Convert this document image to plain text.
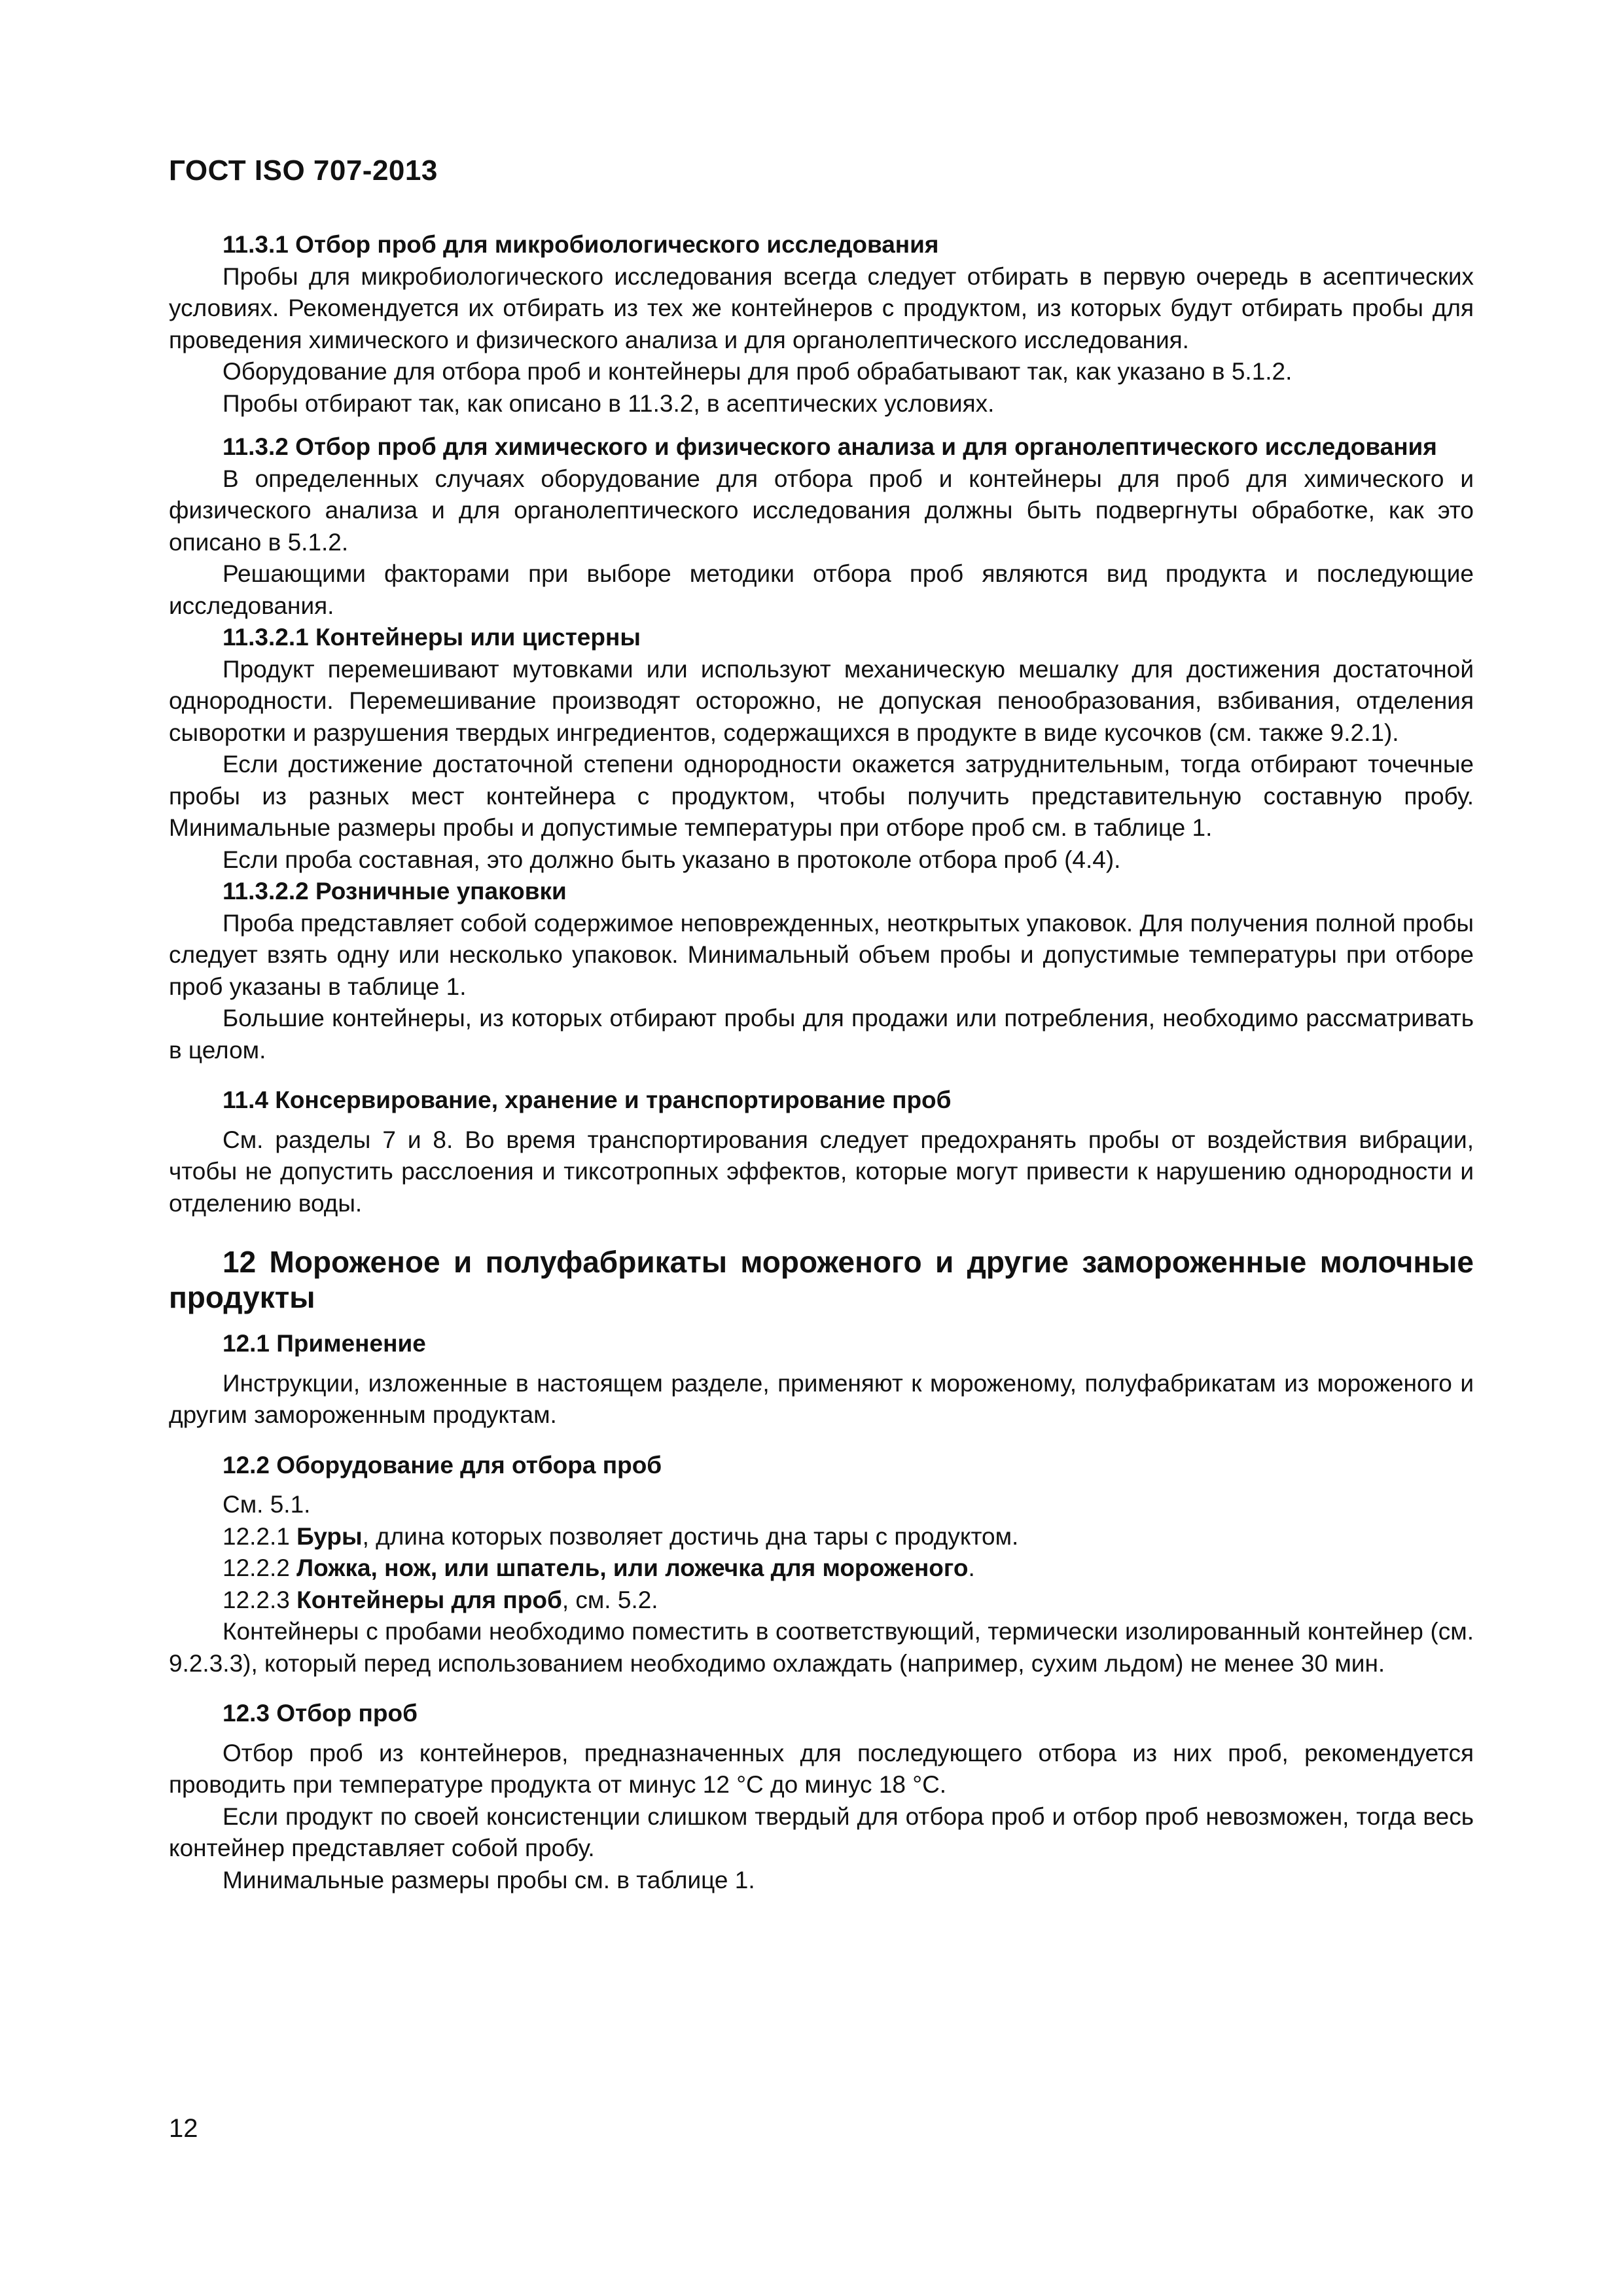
ГОСТ ISO 707-2013
11.3.1 Отбор проб для микробиологического исследования

Пробы для микробиологического исследования всегда следует отбирать в первую очередь в асептических условиях. Рекомендуется их отбирать из тех же контейнеров с продуктом, из которых будут отбирать пробы для проведения химического и физического анализа и для органолептического исследования.

Оборудование для отбора проб и контейнеры для проб обрабатывают так, как указано в 5.1.2.

Пробы отбирают так, как описано в 11.3.2, в асептических условиях.

11.3.2 Отбор проб для химического и физического анализа и для органолептического исследования

В определенных случаях оборудование для отбора проб и контейнеры для проб для химического и физического анализа и для органолептического исследования должны быть подвергнуты обработке, как это описано в 5.1.2.

Решающими факторами при выборе методики отбора проб являются вид продукта и последующие исследования.

11.3.2.1 Контейнеры или цистерны

Продукт перемешивают мутовками или используют механическую мешалку для достижения достаточной однородности. Перемешивание производят осторожно, не допуская пенообразования, взбивания, отделения сыворотки и разрушения твердых ингредиентов, содержащихся в продукте в виде кусочков (см. также 9.2.1).

Если достижение достаточной степени однородности окажется затруднительным, тогда отбирают точечные пробы из разных мест контейнера с продуктом, чтобы получить представительную составную пробу. Минимальные размеры пробы и допустимые температуры при отборе проб см. в таблице 1.

Если проба составная, это должно быть указано в протоколе отбора проб (4.4).

11.3.2.2 Розничные упаковки

Проба представляет собой содержимое неповрежденных, неоткрытых упаковок. Для получения полной пробы следует взять одну или несколько упаковок. Минимальный объем пробы и допустимые температуры при отборе проб указаны в таблице 1.

Большие контейнеры, из которых отбирают пробы для продажи или потребления, необходимо рассматривать в целом.

11.4 Консервирование, хранение и транспортирование проб

См. разделы 7 и 8. Во время транспортирования следует предохранять пробы от воздействия вибрации, чтобы не допустить расслоения и тиксотропных эффектов, которые могут привести к нарушению однородности и отделению воды.

12 Мороженое и полуфабрикаты мороженого и другие замороженные молочные продукты
12.1 Применение

Инструкции, изложенные в настоящем разделе, применяют к мороженому, полуфабрикатам из мороженого и другим замороженным продуктам.

12.2 Оборудование для отбора проб

См. 5.1.

12.2.1 Буры, длина которых позволяет достичь дна тары с продуктом.

12.2.2 Ложка, нож, или шпатель, или ложечка для мороженого.

12.2.3 Контейнеры для проб, см. 5.2.

Контейнеры с пробами необходимо поместить в соответствующий, термически изолированный контейнер (см. 9.2.3.3), который перед использованием необходимо охлаждать (например, сухим льдом) не менее 30 мин.

12.3 Отбор проб

Отбор проб из контейнеров, предназначенных для последующего отбора из них проб, рекомендуется проводить при температуре продукта от минус 12 °С до минус 18 °С.

Если продукт по своей консистенции слишком твердый для отбора проб и отбор проб невозможен, тогда весь контейнер представляет собой пробу.

Минимальные размеры пробы см. в таблице 1.

12
